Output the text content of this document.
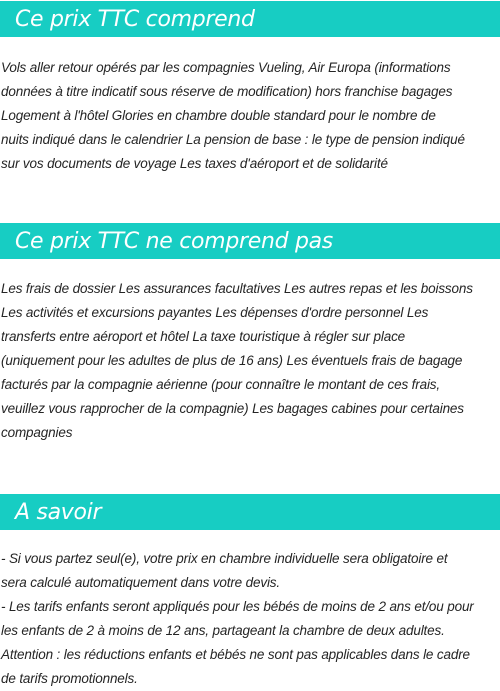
Ce prix TTC comprend

Vols aller retour opérés par les compagnies Vueling, Air Europa (informations
données à titre indicatif sous réserve de modification) hors franchise bagages
Logement à l'hôtel Glories en chambre double standard pour le nombre de
nuits indiqué dans le calendrier La pension de base : le type de pension indiqué
sur vos documents de voyage Les taxes d'aéroport et de solidarité

Ce prix TTC ne comprend pas

Les frais de dossier Les assurances facultatives Les autres repas et les boissons
Les activités et excursions payantes Les dépenses d'ordre personnel Les
transferts entre aéroport et hôtel La taxe touristique à régler sur place
(uniquement pour les adultes de plus de 16 ans) Les éventuels frais de bagage
facturés par la compagnie aérienne (pour connaître le montant de ces frais,
veuillez vous rapprocher de la compagnie) Les bagages cabines pour certaines
compagnies

A savoir

- Si vous partez seul(e), votre prix en chambre individuelle sera obligatoire et
sera calculé automatiquement dans votre devis.
- Les tarifs enfants seront appliqués pour les bébés de moins de 2 ans et/ou pour
les enfants de 2 à moins de 12 ans, partageant la chambre de deux adultes.
Attention : les réductions enfants et bébés ne sont pas applicables dans le cadre
de tarifs promotionnels.
